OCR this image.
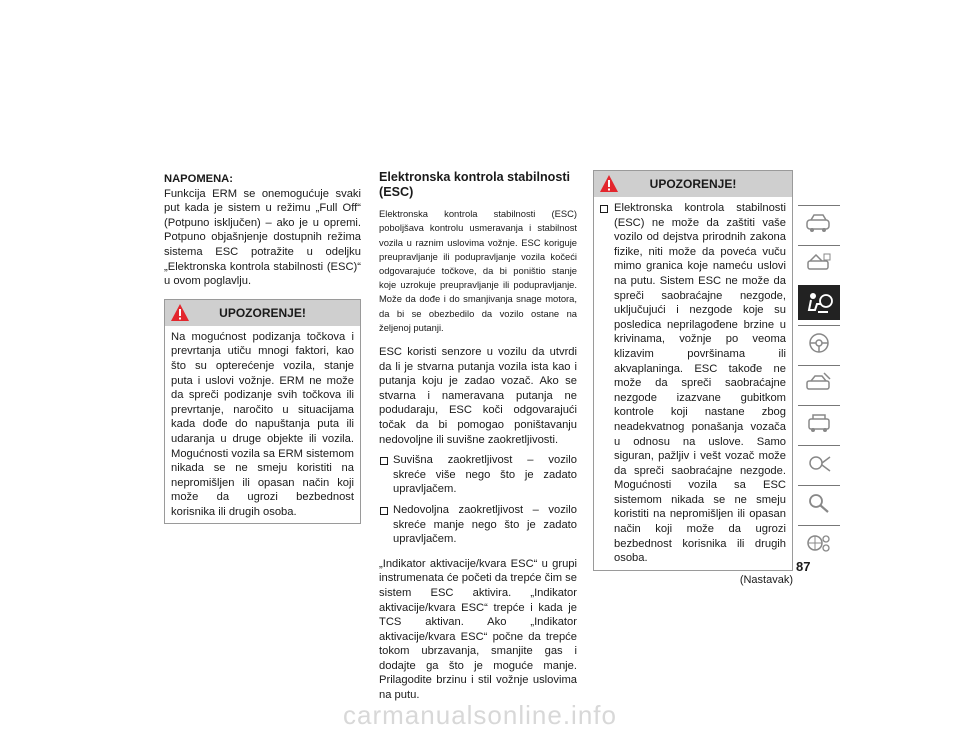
NAPOMENA:

Funkcija ERM se onemogućuje svaki put kada je sistem u režimu „Full Off“ (Potpuno isključen) – ako je u opremi. Potpuno objašnjenje dostupnih režima sistema ESC potražite u odeljku „Elektronska kontrola stabilnosti (ESC)“ u ovom poglavlju.

UPOZORENJE!
Na mogućnost podizanja točkova i prevrtanja utiču mnogi faktori, kao što su opterećenje vozila, stanje puta i uslovi vožnje. ERM ne može da spreči podizanje svih točkova ili prevrtanje, naročito u situacijama kada dođe do napuštanja puta ili udaranja u druge objekte ili vozila. Mogućnosti vozila sa ERM sistemom nikada se ne smeju koristiti na nepromišljen ili opasan način koji može da ugrozi bezbednost korisnika ili drugih osoba.

Elektronska kontrola stabilnosti (ESC)

Elektronska kontrola stabilnosti (ESC) poboljšava kontrolu usmeravanja i stabilnost vozila u raznim uslovima vožnje. ESC koriguje preupravljanje ili podupravljanje vozila kočeći odgovarajuće točkove, da bi poništio stanje koje uzrokuje preupravljanje ili podupravljanje. Može da dođe i do smanjivanja snage motora, da bi se obezbedilo da vozilo ostane na željenoj putanji.

ESC koristi senzore u vozilu da utvrdi da li je stvarna putanja vozila ista kao i putanja koju je zadao vozač. Ako se stvarna i nameravana putanja ne podudaraju, ESC koči odgovarajući točak da bi pomogao poništavanju nedovoljne ili suvišne zaokretljivosti.

Suvišna zaokretljivost – vozilo skreće više nego što je zadato upravljačem.
Nedovoljna zaokretljivost – vozilo skreće manje nego što je zadato upravljačem.

„Indikator aktivacije/kvara ESC“ u grupi instrumenata će početi da trepće čim se sistem ESC aktivira. „Indikator aktivacije/kvara ESC“ trepće i kada je TCS aktivan. Ako „Indikator aktivacije/kvara ESC“ počne da trepće tokom ubrzavanja, smanjite gas i dodajte ga što je moguće manje. Prilagodite brzinu i stil vožnje uslovima na putu.

UPOZORENJE!
Elektronska kontrola stabilnosti (ESC) ne može da zaštiti vaše vozilo od dejstva prirodnih zakona fizike, niti može da poveća vuču mimo granica koje nameću uslovi na putu. Sistem ESC ne može da spreči saobraćajne nezgode, uključujući i nezgode koje su posledica neprilagođene brzine u krivinama, vožnje po veoma klizavim površinama ili akvaplaninga. ESC takođe ne može da spreči saobraćajne nezgode izazvane gubitkom kontrole koji nastane zbog neadekvatnog ponašanja vozača u odnosu na uslove. Samo siguran, pažljiv i vešt vozač može da spreči saobraćajne nezgode. Mogućnosti vozila sa ESC sistemom nikada se ne smeju koristiti na nepromišljen ili opasan način koji može da ugrozi bezbednost korisnika ili drugih osoba.
(Nastavak)
87
carmanualsonline.info
